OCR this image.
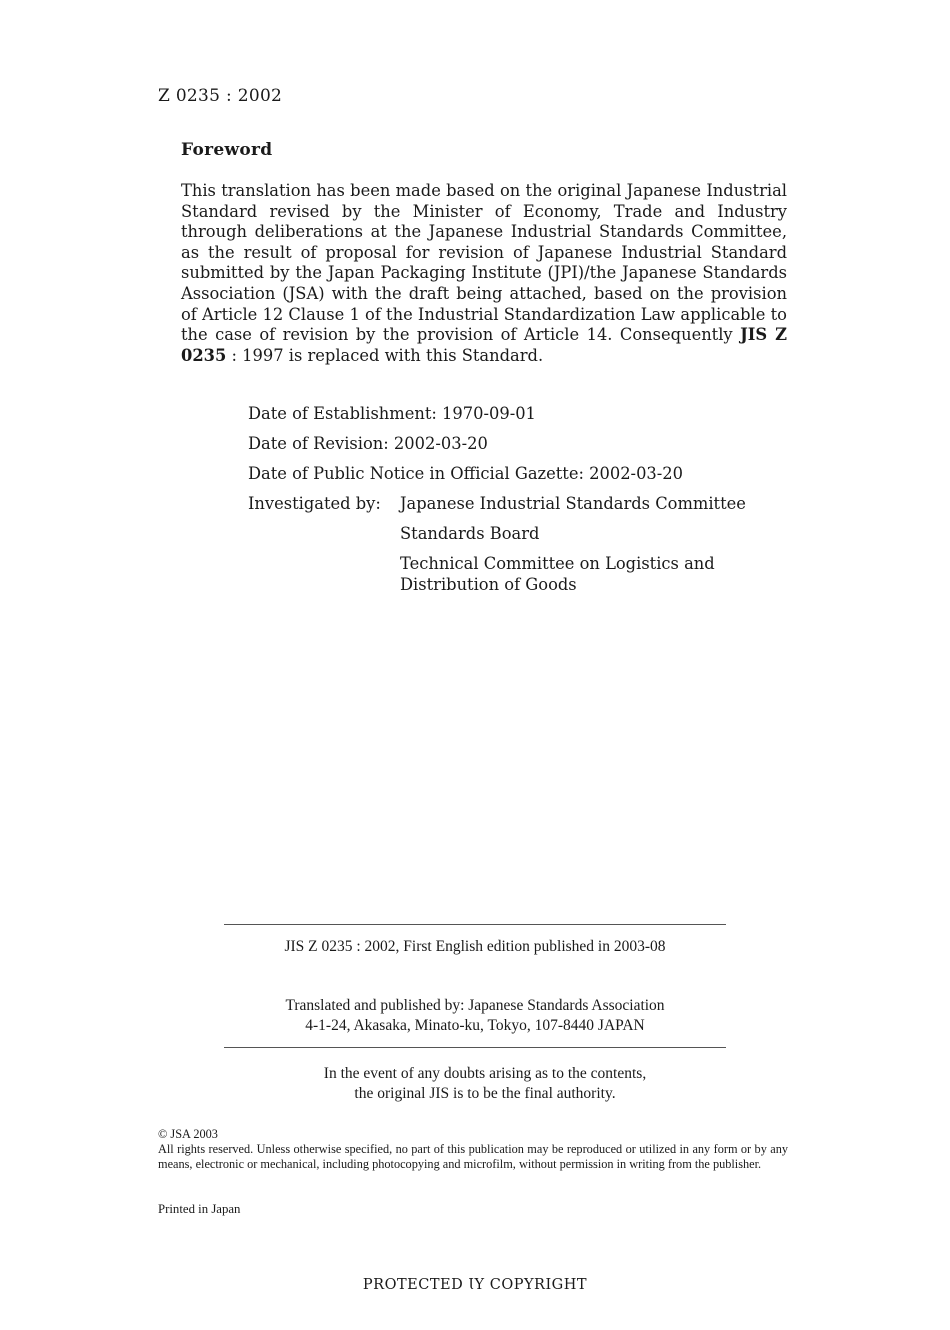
Z 0235 : 2002
Foreword
This translation has been made based on the original Japanese Industrial Standard revised by the Minister of Economy, Trade and Industry through deliberations at the Japanese Industrial Standards Committee, as the result of proposal for revision of Japanese Industrial Standard submitted by the Japan Packaging Institute (JPI)/the Japanese Standards Association (JSA) with the draft being attached, based on the provision of Article 12 Clause 1 of the Industrial Standardization Law applicable to the case of revision by the provision of Article 14. Consequently JIS Z 0235 : 1997 is replaced with this Standard.
Date of Establishment: 1970-09-01
Date of Revision: 2002-03-20
Date of Public Notice in Official Gazette: 2002-03-20
Investigated by: Japanese Industrial Standards Committee
Standards Board
Technical Committee on Logistics and Distribution of Goods
JIS Z 0235 : 2002, First English edition published in 2003-08
Translated and published by: Japanese Standards Association
4-1-24, Akasaka, Minato-ku, Tokyo, 107-8440 JAPAN
In the event of any doubts arising as to the contents,
the original JIS is to be the final authority.
© JSA 2003
All rights reserved. Unless otherwise specified, no part of this publication may be reproduced or utilized in any form or by any means, electronic or mechanical, including photocopying and microfilm, without permission in writing from the publisher.
Printed in Japan
PROTECTED ƖY COPYRIGHT
